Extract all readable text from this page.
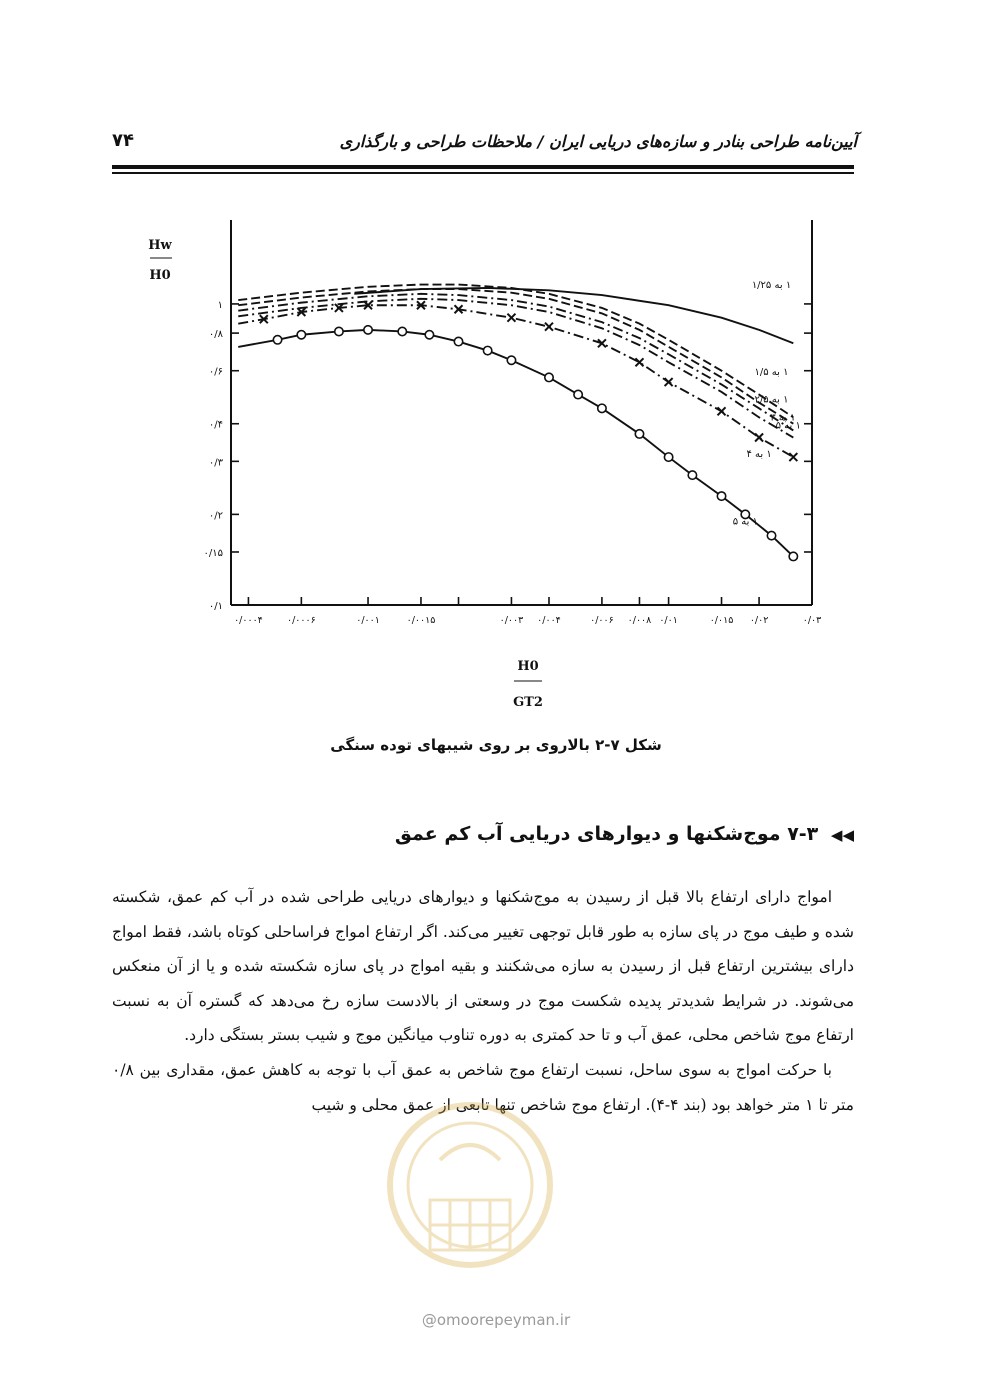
۷۴	آیین‌نامه طراحی بنادر و سازه‌های دریایی ایران / ملاحظات طراحی و بارگذاری
۱
۰/۸
۰/۶
۰/۴
۰/۳
۰/۲
۰/۱۵
۰/۱
۰/۰۰۰۴	۰/۰۰۰۶	۰/۰۰۱	۰/۰۰۱۵	۰/۰۰۳ ۰/۰۰۴	۰/۰۰۶ ۰/۰۰۸ ۰/۰۱	۰/۰۱۵ ۰/۰۲	۰/۰۳
۱ به ۱/۲۵
۱ به ۱/۵
۱ به ۲/۵
۱ به ۳
۱ به ۵
۱ به ۴
۱ به ۵
Hw
H0
H0
GT2
شکل ۷-۲ بالاروی بر روی شیبهای توده سنگی
◀◀ ۷-۳ موج‌شکنها و دیوارهای دریایی آب کم عمق

امواج دارای ارتفاع بالا قبل از رسیدن به موج‌شکنها و دیوارهای دریایی طراحی شده در آب کم عمق، شکسته شده و طیف موج در پای سازه به طور قابل توجهی تغییر می‌کند. اگر ارتفاع امواج فراساحلی کوتاه باشد، فقط امواج دارای بیشترین ارتفاع قبل از رسیدن به سازه می‌شکنند و بقیه امواج در پای سازه شکسته شده و یا از آن منعکس می‌شوند. در شرایط شدیدتر پدیده شکست موج در وسعتی از بالادست سازه رخ می‌دهد که گستره آن به نسبت ارتفاع موج شاخص محلی، عمق آب و تا حد کمتری به دوره تناوب میانگین موج و شیب بستر بستگی دارد.

با حرکت امواج به سوی ساحل، نسبت ارتفاع موج شاخص به عمق آب با توجه به کاهش عمق، مقداری بین ۰/۸ متر تا ۱ متر خواهد بود (بند ۴-۴). ارتفاع موج شاخص تنها تابعی از عمق محلی و شیب

@omoorepeyman.ir
